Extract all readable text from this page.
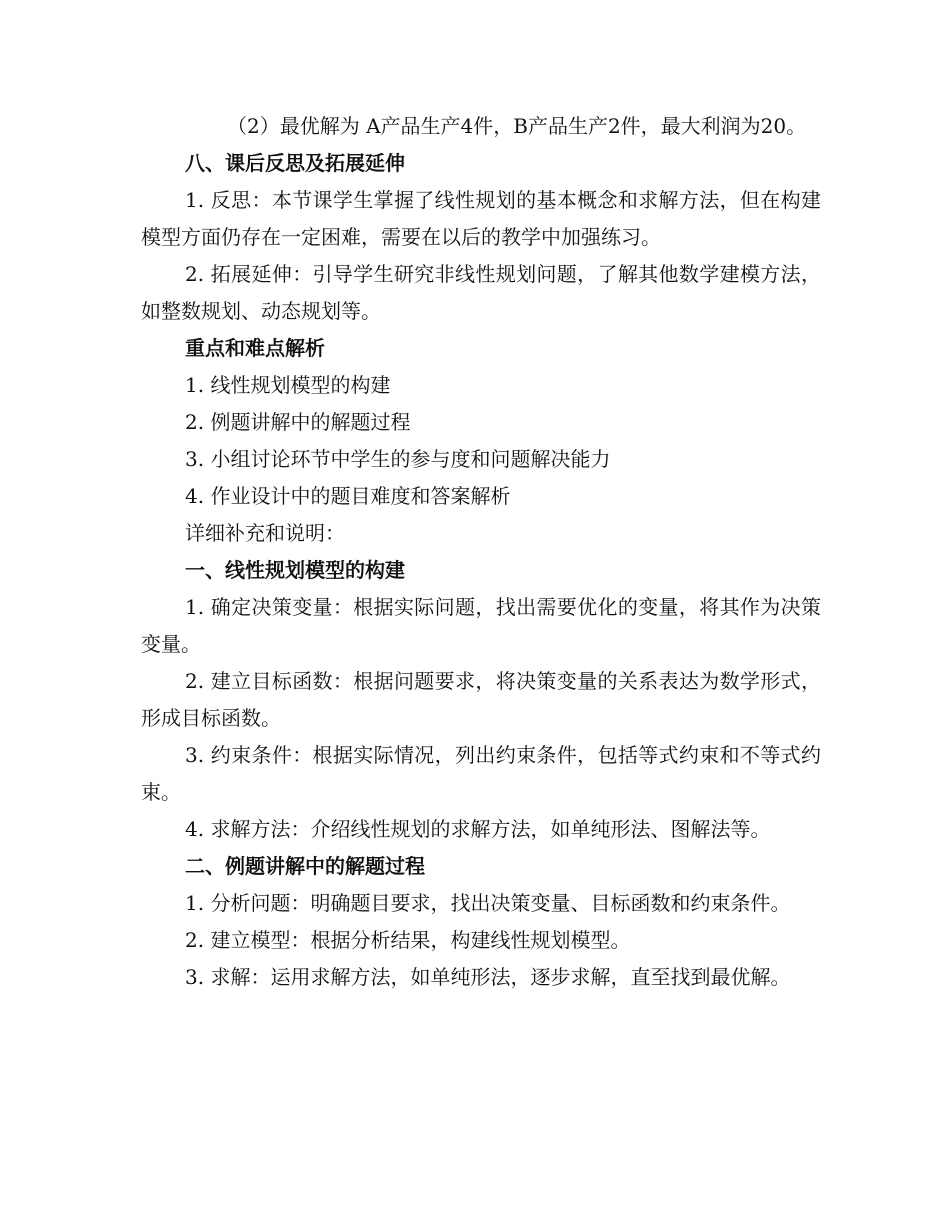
（2）最优解为 A产品生产4件，B产品生产2件，最大利润为20。

八、课后反思及拓展延伸

1. 反思：本节课学生掌握了线性规划的基本概念和求解方法，但在构建模型方面仍存在一定困难，需要在以后的教学中加强练习。

2. 拓展延伸：引导学生研究非线性规划问题，了解其他数学建模方法，如整数规划、动态规划等。

重点和难点解析

1. 线性规划模型的构建

2. 例题讲解中的解题过程

3. 小组讨论环节中学生的参与度和问题解决能力

4. 作业设计中的题目难度和答案解析

详细补充和说明：

一、线性规划模型的构建

1. 确定决策变量：根据实际问题，找出需要优化的变量，将其作为决策变量。

2. 建立目标函数：根据问题要求，将决策变量的关系表达为数学形式，形成目标函数。

3. 约束条件：根据实际情况，列出约束条件，包括等式约束和不等式约束。

4. 求解方法：介绍线性规划的求解方法，如单纯形法、图解法等。

二、例题讲解中的解题过程

1. 分析问题：明确题目要求，找出决策变量、目标函数和约束条件。

2. 建立模型：根据分析结果，构建线性规划模型。

3. 求解：运用求解方法，如单纯形法，逐步求解，直至找到最优解。
